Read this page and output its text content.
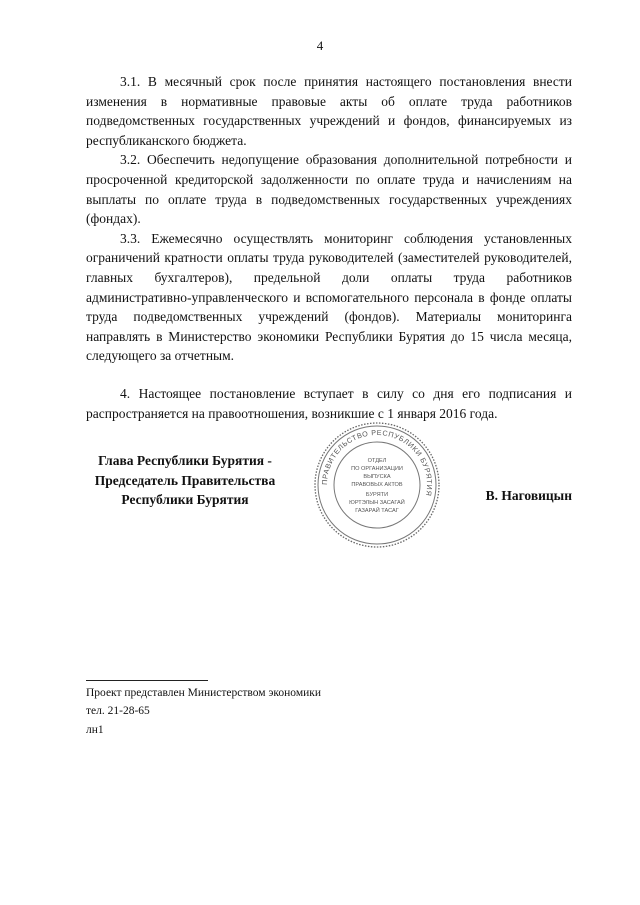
4

3.1. В месячный срок после принятия настоящего постановления внести изменения в нормативные правовые акты об оплате труда работников подведомственных государственных учреждений и фондов, финансируемых из республиканского бюджета.

3.2. Обеспечить недопущение образования дополнительной потребности и просроченной кредиторской задолженности по оплате труда и начислениям на выплаты по оплате труда в подведомственных государственных учреждениях (фондах).

3.3. Ежемесячно осуществлять мониторинг соблюдения установленных ограничений кратности оплаты труда руководителей (заместителей руководителей, главных бухгалтеров), предельной доли оплаты труда работников административно-управленческого и вспомогательного персонала в фонде оплаты труда подведомственных учреждений (фондов). Материалы мониторинга направлять в Министерство экономики Республики Бурятия до 15 числа месяца, следующего за отчетным.

4. Настоящее постановление вступает в силу со дня его подписания и распространяется на правоотношения, возникшие с 1 января 2016 года.

Глава Республики Бурятия -
Председатель Правительства
Республики Бурятия
ПРАВИТЕЛЬСТВО РЕСПУБЛИКИ БУРЯТИЯ
ОТДЕЛ
ПО ОРГАНИЗАЦИИ
ВЫПУСКА
ПРАВОВЫХ АКТОВ
БУРЯТИ
ЮРТЭЛЫН ЗАСАГАЙ
ГАЗАРАЙ ТАСАГ
В. Наговицын
Проект представлен Министерством экономики
тел. 21-28-65
лн1
